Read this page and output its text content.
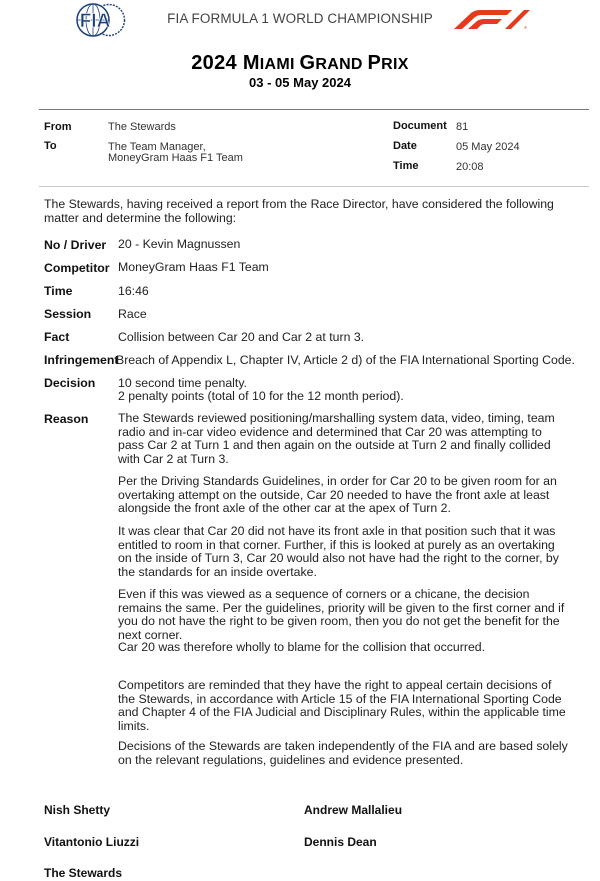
FIA	FIA FORMULA 1 WORLD CHAMPIONSHIP
®
2024 MIAMI GRAND PRIX
03 - 05 May 2024
From	The Stewards
To	The Team Manager,
MoneyGram Haas F1 Team
Document 81
Date	05 May 2024
Time	20:08
The Stewards, having received a report from the Race Director, have considered the following matter and determine the following:
No / Driver 20 - Kevin Magnussen
Competitor MoneyGram Haas F1 Team
Time	16:46
Session Race
Fact	Collision between Car 20 and Car 2 at turn 3.
Infringement
Breach of Appendix L, Chapter IV, Article 2 d) of the FIA International Sporting Code.
Decision 10 second time penalty.
2 penalty points (total of 10 for the 12 month period).
Reason The Stewards reviewed positioning/marshalling system data, video, timing, team radio and in-car video evidence and determined that Car 20 was attempting to pass Car 2 at Turn 1 and then again on the outside at Turn 2 and finally collided with Car 2 at Turn 3.
Per the Driving Standards Guidelines, in order for Car 20 to be given room for an overtaking attempt on the outside, Car 20 needed to have the front axle at least alongside the front axle of the other car at the apex of Turn 2.
It was clear that Car 20 did not have its front axle in that position such that it was entitled to room in that corner. Further, if this is looked at purely as an overtaking on the inside of Turn 3, Car 20 would also not have had the right to the corner, by the standards for an inside overtake.
Even if this was viewed as a sequence of corners or a chicane, the decision remains the same. Per the guidelines, priority will be given to the first corner and if you do not have the right to be given room, then you do not get the benefit for the next corner.
Car 20 was therefore wholly to blame for the collision that occurred.
Competitors are reminded that they have the right to appeal certain decisions of the Stewards, in accordance with Article 15 of the FIA International Sporting Code and Chapter 4 of the FIA Judicial and Disciplinary Rules, within the applicable time limits.
Decisions of the Stewards are taken independently of the FIA and are based solely on the relevant regulations, guidelines and evidence presented.
Nish Shetty	Andrew Mallalieu
Vitantonio Liuzzi	Dennis Dean
The Stewards
